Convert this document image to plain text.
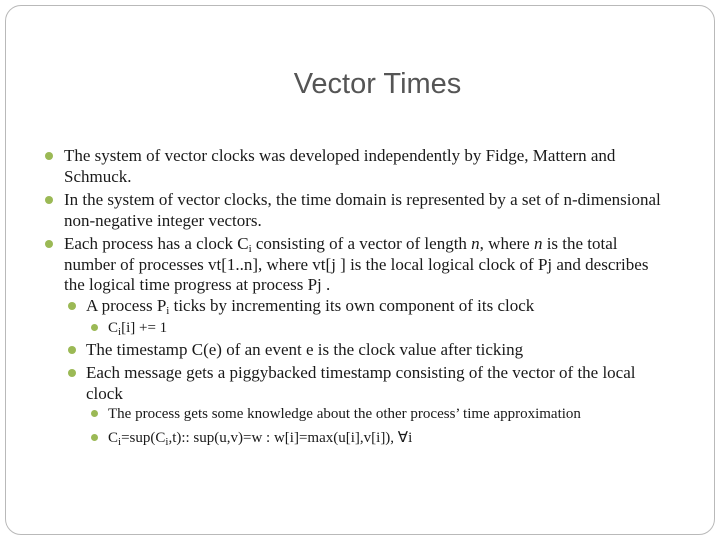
Vector Times
The system of vector clocks was developed independently by Fidge, Mattern and Schmuck.
In the system of vector clocks, the time domain is represented by a set of n-dimensional non-negative integer vectors.
Each process has a clock $C_i$ consisting of a vector of length n, where n is the total number of processes vt[1..n], where vt[j ] is the local logical clock of Pj and describes the logical time progress at process Pj .
A process $P_i$ ticks by incrementing its own component of its clock
$C_i[i] += 1$
The timestamp C(e) of an event e is the clock value after ticking
Each message gets a piggybacked timestamp consisting of the vector of the local clock
The process gets some knowledge about the other process’ time approximation
$C_i=sup(C_i,t)$:: sup(u,v)=w : w[i]=max(u[i],v[i]), ∀i
